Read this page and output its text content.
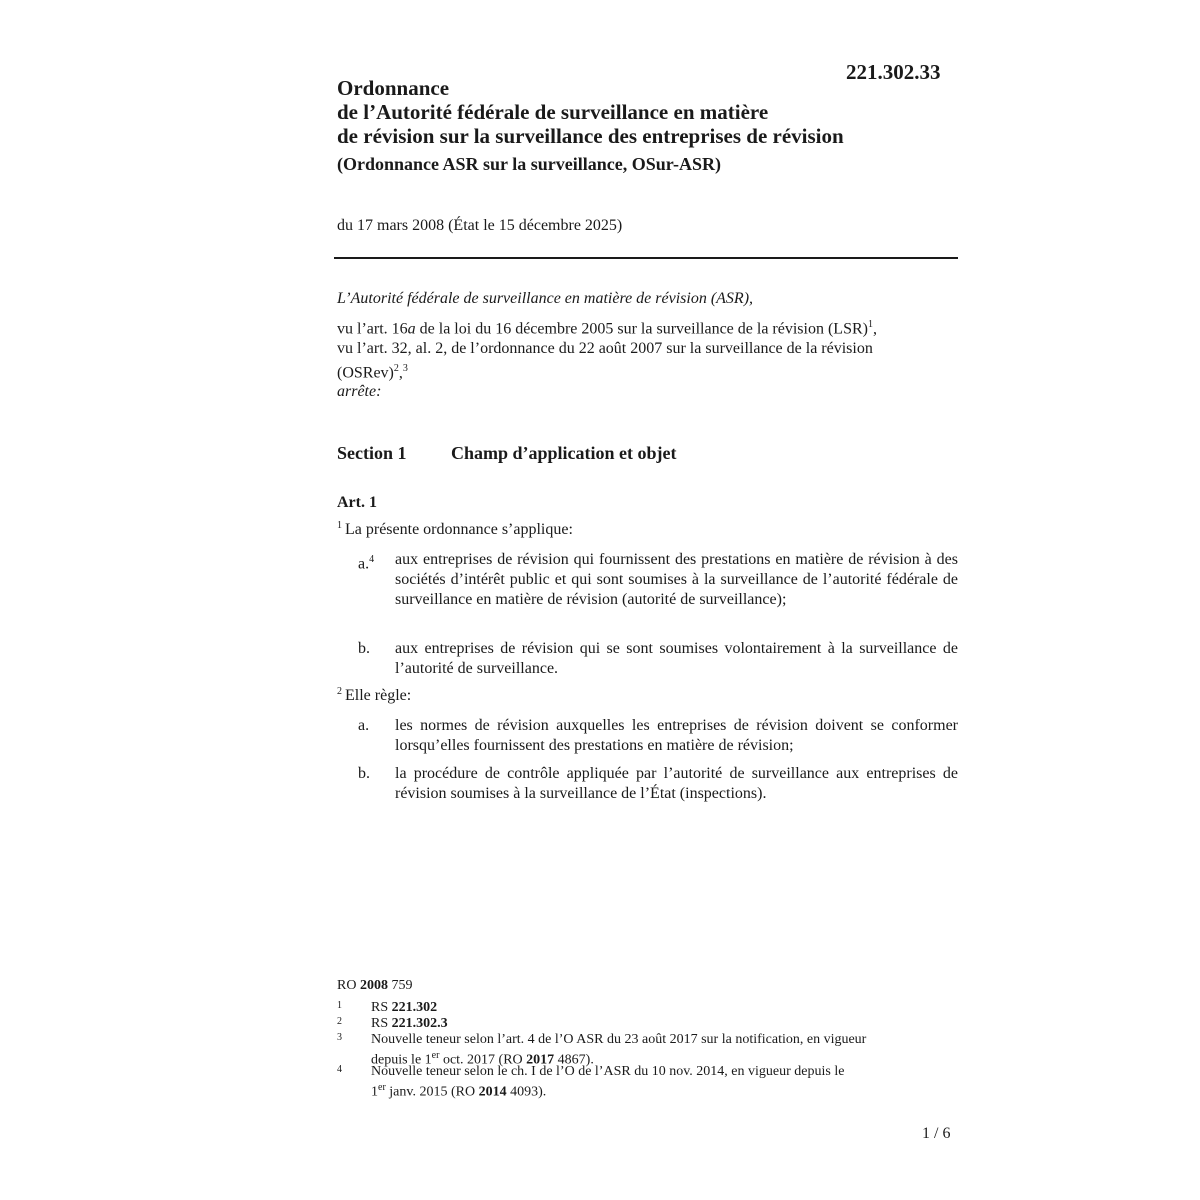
221.302.33
Ordonnance
de l’Autorité fédérale de surveillance en matière
de révision sur la surveillance des entreprises de révision
(Ordonnance ASR sur la surveillance, OSur-ASR)
du 17 mars 2008 (État le 15 décembre 2025)
L’Autorité fédérale de surveillance en matière de révision (ASR),
vu l’art. 16a de la loi du 16 décembre 2005 sur la surveillance de la révision (LSR)$^1$,
vu l’art. 32, al. 2, de l’ordonnance du 22 août 2007 sur la surveillance de la révision
(OSRev)$^2$,$^3$
arrête:
Section 1 Champ d’application et objet
Art. 1
$^1$ La présente ordonnance s’applique:
a.$^4$ aux entreprises de révision qui fournissent des prestations en matière de révision à des sociétés d’intérêt public et qui sont soumises à la surveillance de l’autorité fédérale de surveillance en matière de révision (autorité de surveillance);
b. aux entreprises de révision qui se sont soumises volontairement à la surveillance de l’autorité de surveillance.
$^2$ Elle règle:
a. les normes de révision auxquelles les entreprises de révision doivent se conformer lorsqu’elles fournissent des prestations en matière de révision;
b. la procédure de contrôle appliquée par l’autorité de surveillance aux entreprises de révision soumises à la surveillance de l’État (inspections).
RO 2008 759
1 RS 221.302
2 RS 221.302.3
3 Nouvelle teneur selon l’art. 4 de l’O ASR du 23 août 2017 sur la notification, en vigueur
depuis le 1er oct. 2017 (RO 2017 4867).
4 Nouvelle teneur selon le ch. I de l’O de l’ASR du 10 nov. 2014, en vigueur depuis le
1er janv. 2015 (RO 2014 4093).
1 / 6
